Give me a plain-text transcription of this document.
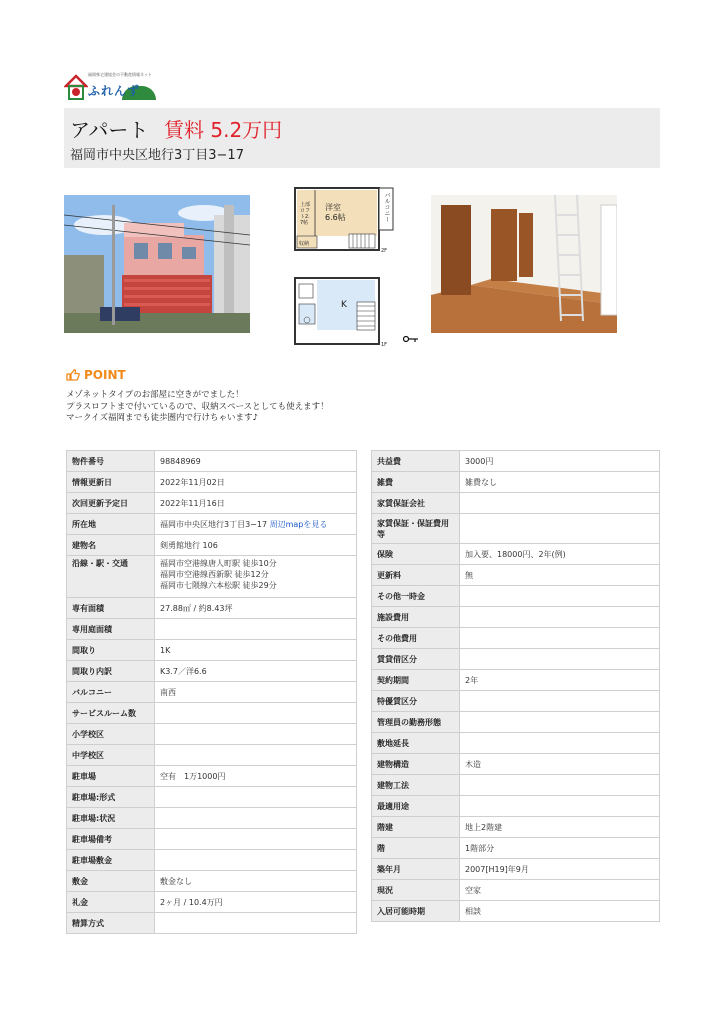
福岡県宅建協会の不動産情報ネット
ふれんず
アパート 賃料 5.2万円
福岡市中央区地行3丁目3−17
洋室
6.6帖
上部ロフト2.7帖
収納
バルコニー
2F
K
1F
POINT
メゾネットタイプのお部屋に空きがでました！
プラスロフトまで付いているので、収納スペースとしても使えます！
マークイズ福岡までも徒歩圏内で行けちゃいます♪
物件番号	98848969
情報更新日	2022年11月02日
次回更新予定日	2022年11月16日
所在地	福岡市中央区地行3丁目3−17 周辺mapを見る
建物名	剣勇館地行 106
沿線・駅・交通	福岡市空港線唐人町駅 徒歩10分
福岡市空港線西新駅 徒歩12分
福岡市七隈線六本松駅 徒歩29分

専有面積	27.88㎡ / 約8.43坪
専用庭面積	
間取り	1K
間取り内訳	K3.7／洋6.6
バルコニー	南西
サービスルーム数	
小学校区	
中学校区	
駐車場	空有　1万1000円
駐車場:形式	
駐車場:状況	
駐車場備考	
駐車場敷金	
敷金	敷金なし
礼金	2ヶ月 / 10.4万円
精算方式	
共益費	3000円
雑費	雑費なし
家賃保証会社	
家賃保証・保証費用等	
保険	加入要、18000円、2年(例)
更新料	無
その他一時金	
施設費用	
その他費用	
賃貸借区分	
契約期間	2年
特優賃区分	
管理員の勤務形態	
敷地延長	
建物構造	木造
建物工法	
最適用途	
階建	地上2階建
階	1階部分
築年月	2007[H19]年9月
現況	空家
入居可能時期	相談
